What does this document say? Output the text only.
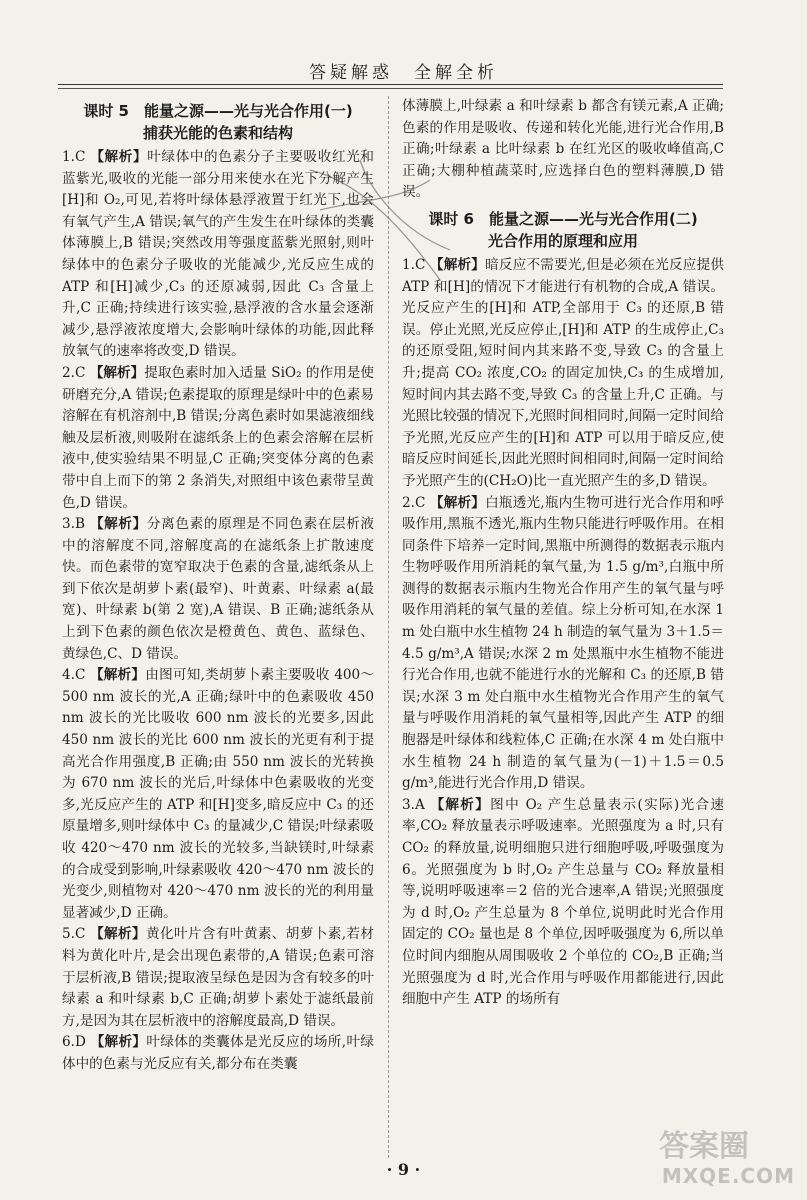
答疑解惑　全解全析
课时 5　能量之源——光与光合作用(一)
捕获光能的色素和结构

1.C 【解析】叶绿体中的色素分子主要吸收红光和蓝紫光,吸收的光能一部分用来使水在光下分解产生[H]和 O₂,可见,若将叶绿体悬浮液置于红光下,也会有氧气产生,A 错误;氧气的产生发生在叶绿体的类囊体薄膜上,B 错误;突然改用等强度蓝紫光照射,则叶绿体中的色素分子吸收的光能减少,光反应生成的 ATP 和[H]减少,C₃ 的还原减弱,因此 C₃ 含量上升,C 正确;持续进行该实验,悬浮液的含水量会逐渐减少,悬浮液浓度增大,会影响叶绿体的功能,因此释放氧气的速率将改变,D 错误。

2.C 【解析】提取色素时加入适量 SiO₂ 的作用是使研磨充分,A 错误;色素提取的原理是绿叶中的色素易溶解在有机溶剂中,B 错误;分离色素时如果滤液细线触及层析液,则吸附在滤纸条上的色素会溶解在层析液中,使实验结果不明显,C 正确;突变体分离的色素带中自上而下的第 2 条消失,对照组中该色素带呈黄色,D 错误。

3.B 【解析】分离色素的原理是不同色素在层析液中的溶解度不同,溶解度高的在滤纸条上扩散速度快。而色素带的宽窄取决于色素的含量,滤纸条从上到下依次是胡萝卜素(最窄)、叶黄素、叶绿素 a(最宽)、叶绿素 b(第 2 宽),A 错误、B 正确;滤纸条从上到下色素的颜色依次是橙黄色、黄色、蓝绿色、黄绿色,C、D 错误。

4.C 【解析】由图可知,类胡萝卜素主要吸收 400～500 nm 波长的光,A 正确;绿叶中的色素吸收 450 nm 波长的光比吸收 600 nm 波长的光要多,因此 450 nm 波长的光比 600 nm 波长的光更有利于提高光合作用强度,B 正确;由 550 nm 波长的光转换为 670 nm 波长的光后,叶绿体中色素吸收的光变多,光反应产生的 ATP 和[H]变多,暗反应中 C₃ 的还原量增多,则叶绿体中 C₃ 的量减少,C 错误;叶绿素吸收 420～470 nm 波长的光较多,当缺镁时,叶绿素的合成受到影响,叶绿素吸收 420～470 nm 波长的光变少,则植物对 420～470 nm 波长的光的利用量显著减少,D 正确。

5.C 【解析】黄化叶片含有叶黄素、胡萝卜素,若材料为黄化叶片,是会出现色素带的,A 错误;色素可溶于层析液,B 错误;提取液呈绿色是因为含有较多的叶绿素 a 和叶绿素 b,C 正确;胡萝卜素处于滤纸最前方,是因为其在层析液中的溶解度最高,D 错误。

6.D 【解析】叶绿体的类囊体是光反应的场所,叶绿体中的色素与光反应有关,都分布在类囊

体薄膜上,叶绿素 a 和叶绿素 b 都含有镁元素,A 正确;色素的作用是吸收、传递和转化光能,进行光合作用,B 正确;叶绿素 a 比叶绿素 b 在红光区的吸收峰值高,C 正确;大棚种植蔬菜时,应选择白色的塑料薄膜,D 错误。

课时 6　能量之源——光与光合作用(二)
光合作用的原理和应用

1.C 【解析】暗反应不需要光,但是必须在光反应提供 ATP 和[H]的情况下才能进行有机物的合成,A 错误。光反应产生的[H]和 ATP,全部用于 C₃ 的还原,B 错误。停止光照,光反应停止,[H]和 ATP 的生成停止,C₃ 的还原受阻,短时间内其来路不变,导致 C₃ 的含量上升;提高 CO₂ 浓度,CO₂ 的固定加快,C₃ 的生成增加,短时间内其去路不变,导致 C₃ 的含量上升,C 正确。与光照比较强的情况下,光照时间相同时,间隔一定时间给予光照,光反应产生的[H]和 ATP 可以用于暗反应,使暗反应时间延长,因此光照时间相同时,间隔一定时间给予光照产生的(CH₂O)比一直光照产生的多,D 错误。

2.C 【解析】白瓶透光,瓶内生物可进行光合作用和呼吸作用,黑瓶不透光,瓶内生物只能进行呼吸作用。在相同条件下培养一定时间,黑瓶中所测得的数据表示瓶内生物呼吸作用所消耗的氧气量,为 1.5 g/m³,白瓶中所测得的数据表示瓶内生物光合作用产生的氧气量与呼吸作用消耗的氧气量的差值。综上分析可知,在水深 1 m 处白瓶中水生植物 24 h 制造的氧气量为 3＋1.5＝4.5 g/m³,A 错误;水深 2 m 处黑瓶中水生植物不能进行光合作用,也就不能进行水的光解和 C₃ 的还原,B 错误;水深 3 m 处白瓶中水生植物光合作用产生的氧气量与呼吸作用消耗的氧气量相等,因此产生 ATP 的细胞器是叶绿体和线粒体,C 正确;在水深 4 m 处白瓶中水生植物 24 h 制造的氧气量为(－1)＋1.5＝0.5 g/m³,能进行光合作用,D 错误。

3.A 【解析】图中 O₂ 产生总量表示(实际)光合速率,CO₂ 释放量表示呼吸速率。光照强度为 a 时,只有 CO₂ 的释放量,说明细胞只进行细胞呼吸,呼吸强度为 6。光照强度为 b 时,O₂ 产生总量与 CO₂ 释放量相等,说明呼吸速率＝2 倍的光合速率,A 错误;光照强度为 d 时,O₂ 产生总量为 8 个单位,说明此时光合作用固定的 CO₂ 量也是 8 个单位,因呼吸强度为 6,所以单位时间内细胞从周围吸收 2 个单位的 CO₂,B 正确;当光照强度为 d 时,光合作用与呼吸作用都能进行,因此细胞中产生 ATP 的场所有

· 9 ·
答案圈
MXQE.COM
